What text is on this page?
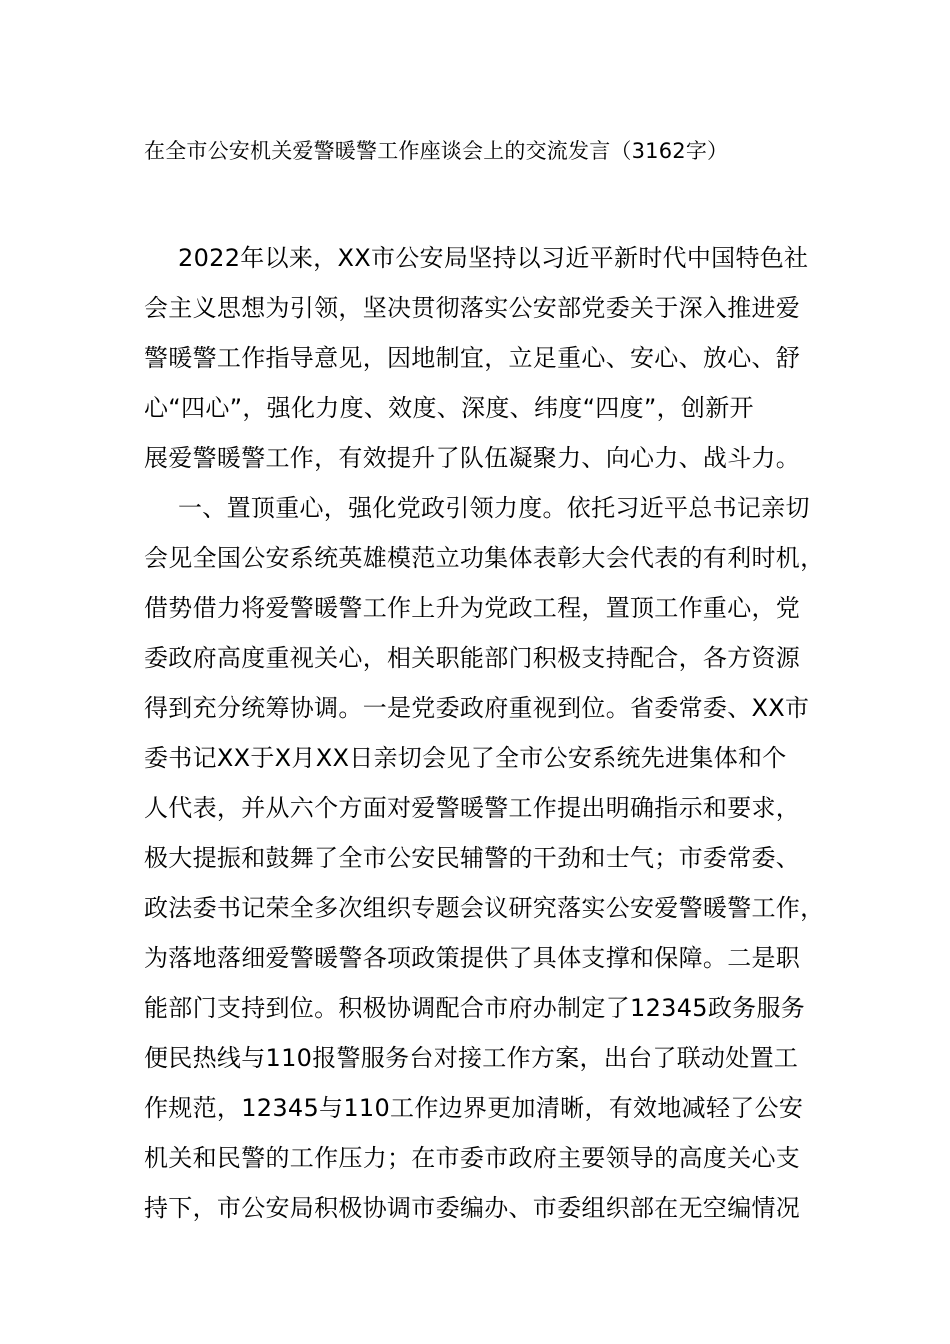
在全市公安机关爱警暖警工作座谈会上的交流发言（3162字）
2022年以来，XX市公安局坚持以习近平新时代中国特色社
会主义思想为引领，坚决贯彻落实公安部党委关于深入推进爱
警暖警工作指导意见，因地制宜，立足重心、安心、放心、舒
心“四心”，强化力度、效度、深度、纬度“四度”，创新开
展爱警暖警工作，有效提升了队伍凝聚力、向心力、战斗力。
一、置顶重心，强化党政引领力度。依托习近平总书记亲切
会见全国公安系统英雄模范立功集体表彰大会代表的有利时机，
借势借力将爱警暖警工作上升为党政工程，置顶工作重心，党
委政府高度重视关心，相关职能部门积极支持配合，各方资源
得到充分统筹协调。一是党委政府重视到位。省委常委、XX市
委书记XX于X月XX日亲切会见了全市公安系统先进集体和个
人代表，并从六个方面对爱警暖警工作提出明确指示和要求，
极大提振和鼓舞了全市公安民辅警的干劲和士气；市委常委、
政法委书记荣全多次组织专题会议研究落实公安爱警暖警工作，
为落地落细爱警暖警各项政策提供了具体支撑和保障。二是职
能部门支持到位。积极协调配合市府办制定了12345政务服务
便民热线与110报警服务台对接工作方案，出台了联动处置工
作规范，12345与110工作边界更加清晰，有效地减轻了公安
机关和民警的工作压力；在市委市政府主要领导的高度关心支
持下，市公安局积极协调市委编办、市委组织部在无空编情况
